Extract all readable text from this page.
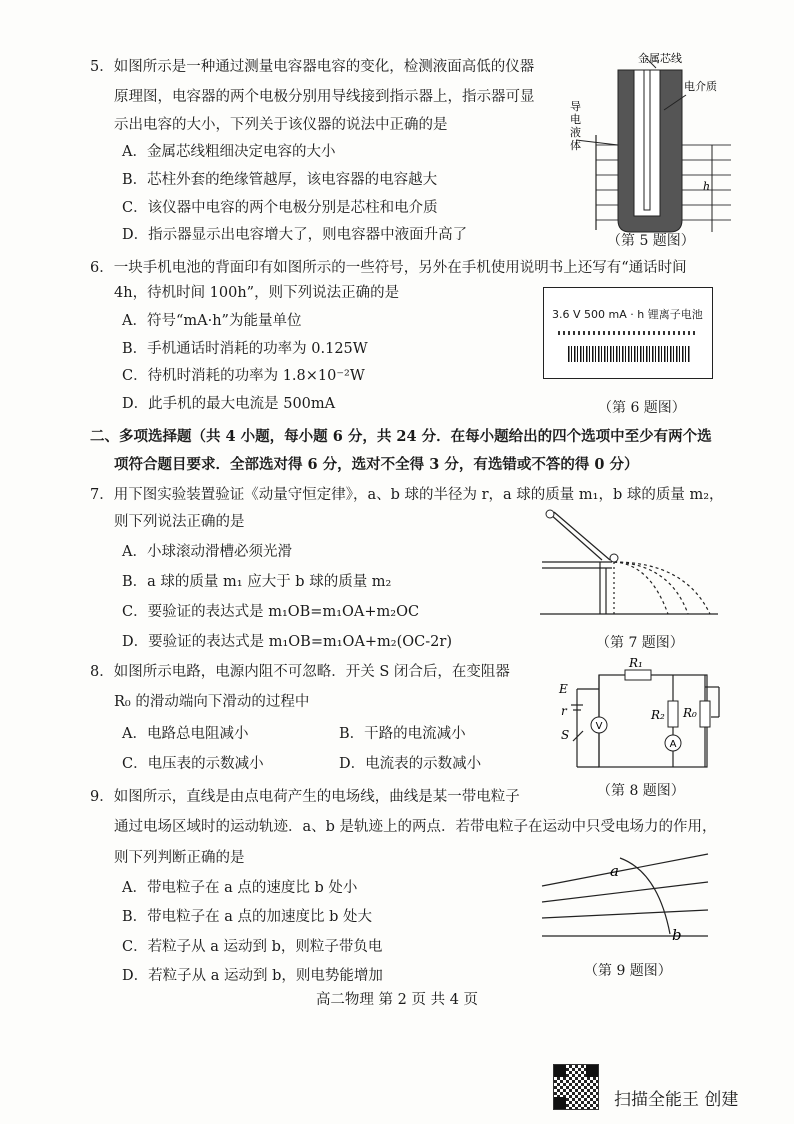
5．如图所示是一种通过测量电容器电容的变化，检测液面高低的仪器
原理图，电容器的两个电极分别用导线接到指示器上，指示器可显
示出电容的大小，下列关于该仪器的说法中正确的是
A．金属芯线粗细决定电容的大小
B．芯柱外套的绝缘管越厚，该电容器的电容越大
C．该仪器中电容的两个电极分别是芯柱和电介质
D．指示器显示出电容增大了，则电容器中液面升高了
h
金属芯线
电介质
导
电
液
体
（第 5 题图）
6．一块手机电池的背面印有如图所示的一些符号，另外在手机使用说明书上还写有“通话时间
4h，待机时间 100h”，则下列说法正确的是
A．符号“mA·h”为能量单位
B．手机通话时消耗的功率为 0.125W
C．待机时消耗的功率为 1.8×10⁻²W
D．此手机的最大电流是 500mA
3.6 V 500 mA · h 锂离子电池
（第 6 题图）
二、多项选择题（共 4 小题，每小题 6 分，共 24 分．在每小题给出的四个选项中至少有两个选
项符合题目要求．全部选对得 6 分，选对不全得 3 分，有选错或不答的得 0 分）
7．用下图实验装置验证《动量守恒定律》，a、b 球的半径为 r，a 球的质量 m₁，b 球的质量 m₂，
则下列说法正确的是
A．小球滚动滑槽必须光滑
B．a 球的质量 m₁ 应大于 b 球的质量 m₂
C．要验证的表达式是 m₁OB=m₁OA+m₂OC
D．要验证的表达式是 m₁OB=m₁OA+m₂(OC-2r)	（第 7 题图）
8．如图所示电路，电源内阻不可忽略．开关 S 闭合后，在变阻器
R₀ 的滑动端向下滑动的过程中
A．电路总电阻减小	B．干路的电流减小
C．电压表的示数减小	D．电流表的示数减小
E
r
S
R₁
R₂ R₀
V
A
（第 8 题图）
9．如图所示，直线是由点电荷产生的电场线，曲线是某一带电粒子
通过电场区域时的运动轨迹．a、b 是轨迹上的两点．若带电粒子在运动中只受电场力的作用，
则下列判断正确的是
A．带电粒子在 a 点的速度比 b 处小
B．带电粒子在 a 点的加速度比 b 处大
C．若粒子从 a 运动到 b，则粒子带负电
D．若粒子从 a 运动到 b，则电势能增加
a
b
（第 9 题图）
高二物理 第 2 页 共 4 页
扫描全能王 创建
